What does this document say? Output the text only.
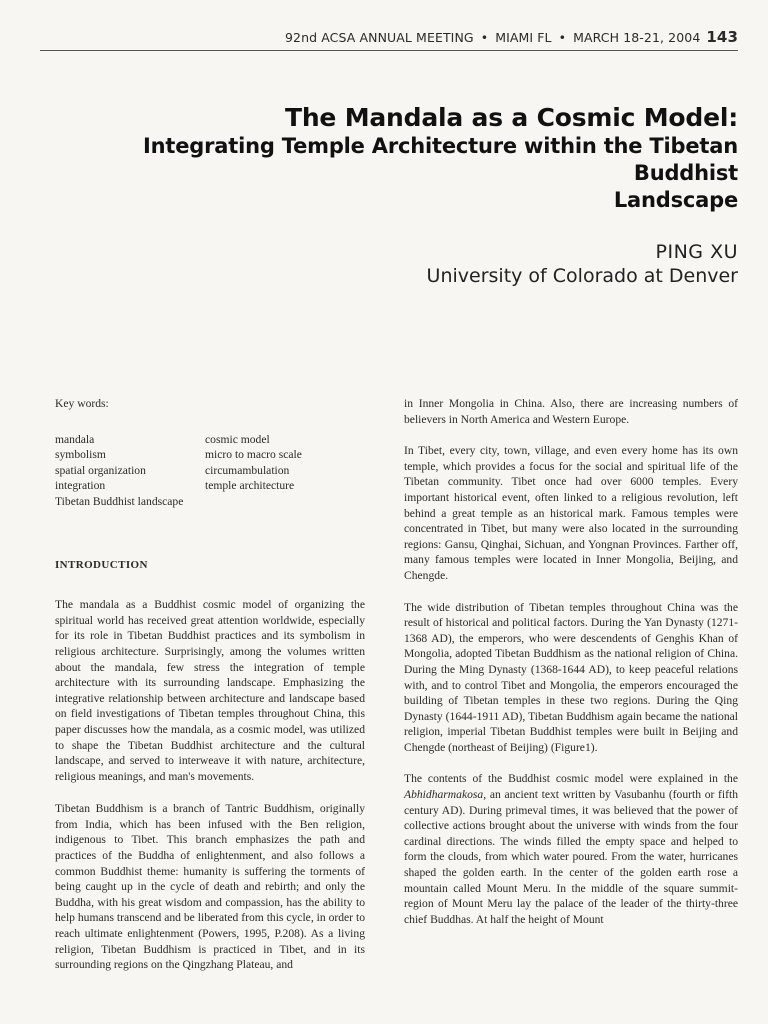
92nd ACSA ANNUAL MEETING • MIAMI FL • MARCH 18-21, 2004 143
The Mandala as a Cosmic Model:
Integrating Temple Architecture within the Tibetan Buddhist
Landscape
PING XU
University of Colorado at Denver

Key words:

mandala	cosmic model
symbolism	micro to macro scale
spatial organization	circumambulation
integration	temple architecture
Tibetan Buddhist landscape

INTRODUCTION

The mandala as a Buddhist cosmic model of organizing the spiritual world has received great attention worldwide, especially for its role in Tibetan Buddhist practices and its symbolism in religious architecture. Surprisingly, among the volumes written about the mandala, few stress the integration of temple architecture with its surrounding landscape. Emphasizing the integrative relationship between architecture and landscape based on field investigations of Tibetan temples throughout China, this paper discusses how the mandala, as a cosmic model, was utilized to shape the Tibetan Buddhist architecture and the cultural landscape, and served to interweave it with nature, architecture, religious meanings, and man's movements.

Tibetan Buddhism is a branch of Tantric Buddhism, originally from India, which has been infused with the Ben religion, indigenous to Tibet. This branch emphasizes the path and practices of the Buddha of enlightenment, and also follows a common Buddhist theme: humanity is suffering the torments of being caught up in the cycle of death and rebirth; and only the Buddha, with his great wisdom and compassion, has the ability to help humans transcend and be liberated from this cycle, in order to reach ultimate enlightenment (Powers, 1995, P.208). As a living religion, Tibetan Buddhism is practiced in Tibet, and in its surrounding regions on the Qingzhang Plateau, and

in Inner Mongolia in China. Also, there are increasing numbers of believers in North America and Western Europe.

In Tibet, every city, town, village, and even every home has its own temple, which provides a focus for the social and spiritual life of the Tibetan community. Tibet once had over 6000 temples. Every important historical event, often linked to a religious revolution, left behind a great temple as an historical mark. Famous temples were concentrated in Tibet, but many were also located in the surrounding regions: Gansu, Qinghai, Sichuan, and Yongnan Provinces. Farther off, many famous temples were located in Inner Mongolia, Beijing, and Chengde.

The wide distribution of Tibetan temples throughout China was the result of historical and political factors. During the Yan Dynasty (1271-1368 AD), the emperors, who were descendents of Genghis Khan of Mongolia, adopted Tibetan Buddhism as the national religion of China. During the Ming Dynasty (1368-1644 AD), to keep peaceful relations with, and to control Tibet and Mongolia, the emperors encouraged the building of Tibetan temples in these two regions. During the Qing Dynasty (1644-1911 AD), Tibetan Buddhism again became the national religion, imperial Tibetan Buddhist temples were built in Beijing and Chengde (northeast of Beijing) (Figure1).

The contents of the Buddhist cosmic model were explained in the Abhidharmakosa, an ancient text written by Vasubanhu (fourth or fifth century AD). During primeval times, it was believed that the power of collective actions brought about the universe with winds from the four cardinal directions. The winds filled the empty space and helped to form the clouds, from which water poured. From the water, hurricanes shaped the golden earth. In the center of the golden earth rose a mountain called Mount Meru. In the middle of the square summit-region of Mount Meru lay the palace of the leader of the thirty-three chief Buddhas. At half the height of Mount
